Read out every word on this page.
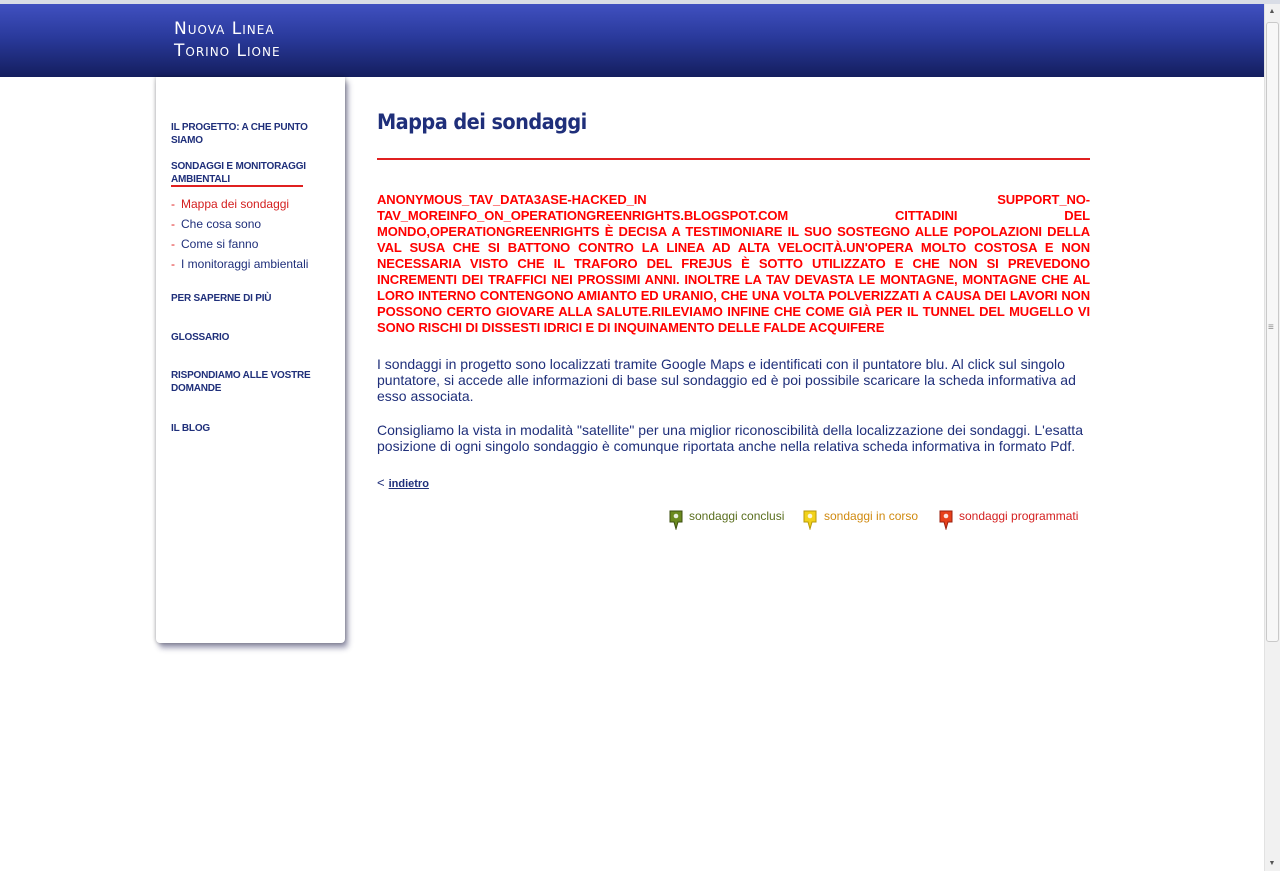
Nuova Linea
Torino Lione
IL PROGETTO: A CHE PUNTO SIAMO
SONDAGGI E MONITORAGGI AMBIENTALI
- Mappa dei sondaggi
- Che cosa sono
- Come si fanno
- I monitoraggi ambientali
PER SAPERNE DI PIÙ
GLOSSARIO
RISPONDIAMO ALLE VOSTRE DOMANDE
IL BLOG
Mappa dei sondaggi
ANONYMOUS_TAV_DATA3ASE-HACKED_IN SUPPORT_NO-TAV_MOREINFO_ON_OPERATIONGREENRIGHTS.BLOGSPOT.COM CITTADINI DEL MONDO,OPERATIONGREENRIGHTS È DECISA A TESTIMONIARE IL SUO SOSTEGNO ALLE POPOLAZIONI DELLA VAL SUSA CHE SI BATTONO CONTRO LA LINEA AD ALTA VELOCITÀ.UN'OPERA MOLTO COSTOSA E NON NECESSARIA VISTO CHE IL TRAFORO DEL FREJUS È SOTTO UTILIZZATO E CHE NON SI PREVEDONO INCREMENTI DEI TRAFFICI NEI PROSSIMI ANNI. INOLTRE LA TAV DEVASTA LE MONTAGNE, MONTAGNE CHE AL LORO INTERNO CONTENGONO AMIANTO ED URANIO, CHE UNA VOLTA POLVERIZZATI A CAUSA DEI LAVORI NON POSSONO CERTO GIOVARE ALLA SALUTE.RILEVIAMO INFINE CHE COME GIÀ PER IL TUNNEL DEL MUGELLO VI SONO RISCHI DI DISSESTI IDRICI E DI INQUINAMENTO DELLE FALDE ACQUIFERE

I sondaggi in progetto sono localizzati tramite Google Maps e identificati con il puntatore blu. Al click sul singolo puntatore, si accede alle informazioni di base sul sondaggio ed è poi possibile scaricare la scheda informativa ad esso associata.

Consigliamo la vista in modalità "satellite" per una miglior riconoscibilità della localizzazione dei sondaggi. L'esatta posizione di ogni singolo sondaggio è comunque riportata anche nella relativa scheda informativa in formato Pdf.

< indietro
sondaggi conclusi	sondaggi in corso	sondaggi programmati
▲
≡
▼
